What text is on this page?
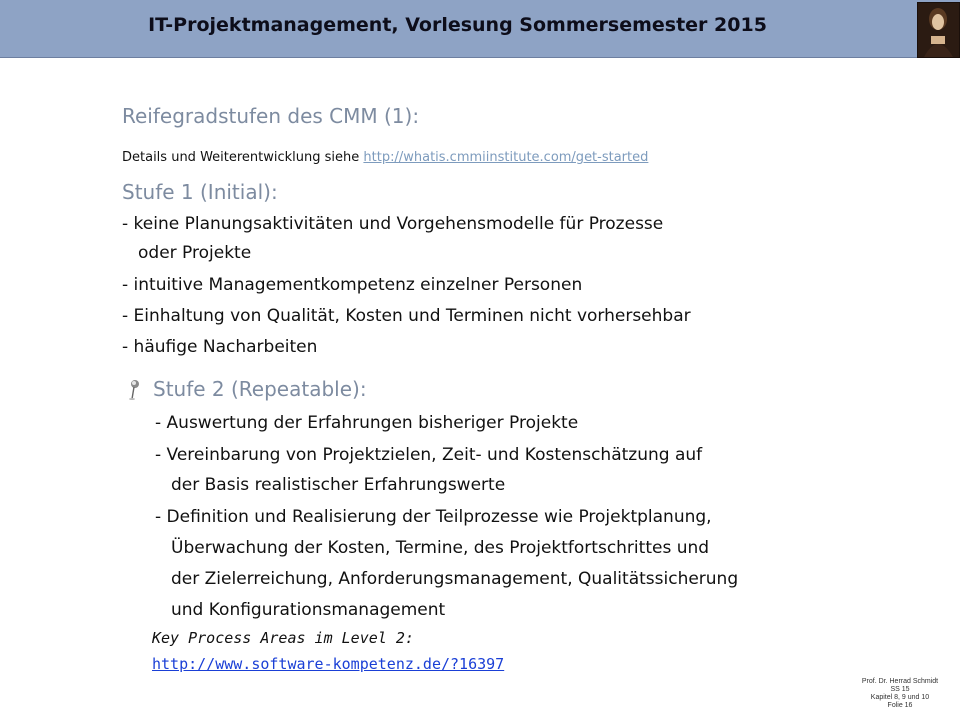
IT-Projektmanagement, Vorlesung Sommersemester 2015
Reifegradstufen des CMM (1):
Details und Weiterentwicklung siehe http://whatis.cmmiinstitute.com/get-started
Stufe 1 (Initial):
- keine Planungsaktivitäten und Vorgehensmodelle für Prozesse
oder Projekte
- intuitive Managementkompetenz einzelner Personen
- Einhaltung von Qualität, Kosten und Terminen nicht vorhersehbar
- häufige Nacharbeiten
Stufe 2 (Repeatable):
- Auswertung der Erfahrungen bisheriger Projekte
- Vereinbarung von Projektzielen, Zeit- und Kostenschätzung auf
der Basis realistischer Erfahrungswerte
- Definition und Realisierung der Teilprozesse wie Projektplanung,
Überwachung der Kosten, Termine, des Projektfortschrittes und
der Zielerreichung, Anforderungsmanagement, Qualitätssicherung
und Konfigurationsmanagement
Key Process Areas im Level 2:
http://www.software-kompetenz.de/?16397
Prof. Dr. Herrad Schmidt
SS 15
Kapitel 8, 9 und 10
Folie 16
